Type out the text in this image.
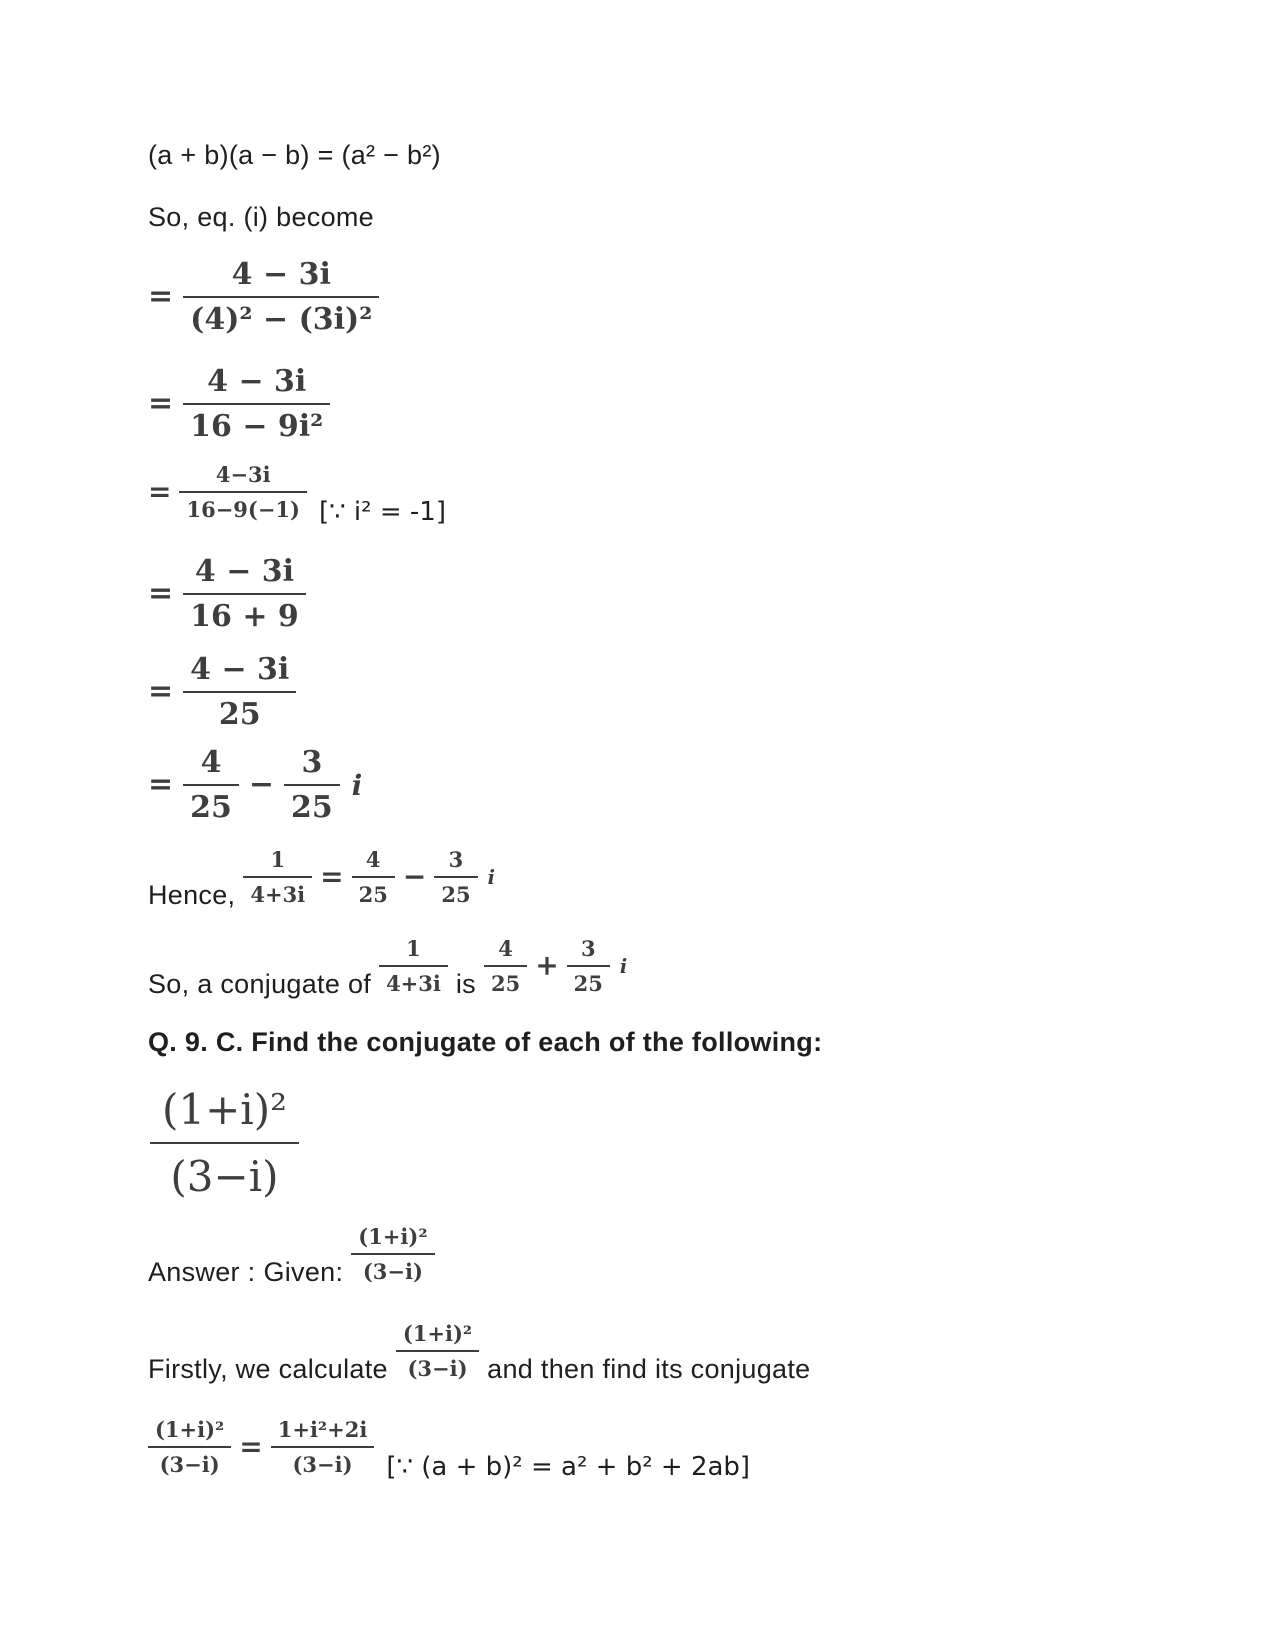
(a + b)(a − b) = (a² − b²)

So, eq. (i) become

= $\frac{4 - 3i}{\text{(4)² − (3i)²}}$
= $\frac{4 - 3i}{\text{16 − 9i²}}$
= $\frac{4-3i}{16-9(-1)}$ [∵ i² = -1]
= $\frac{4 - 3i}{16 + 9}$
= $\frac{4 - 3i}{25}$
= $\frac{4}{25} - \frac{3}{25}$ i
Hence, $\frac{1}{4+3i} = \frac{4}{25} - \frac{3}{25}$ i
So, a conjugate of $\frac{1}{4+3i}$ is $\frac{4}{25} + \frac{3}{25}$ i

Q. 9. C. Find the conjugate of each of the following:

$\frac{\text{(1+i)²}}{(3-i)}$
Answer : Given: $\frac{\text{(1+i)²}}{(3-i)}$
Firstly, we calculate $\frac{\text{(1+i)²}}{(3-i)}$ and then find its conjugate
$\frac{\text{(1+i)²}}{(3-i)} = \frac{\text{1+i²+2i}}{(3-i)}$ [∵ (a + b)² = a² + b² + 2ab]
